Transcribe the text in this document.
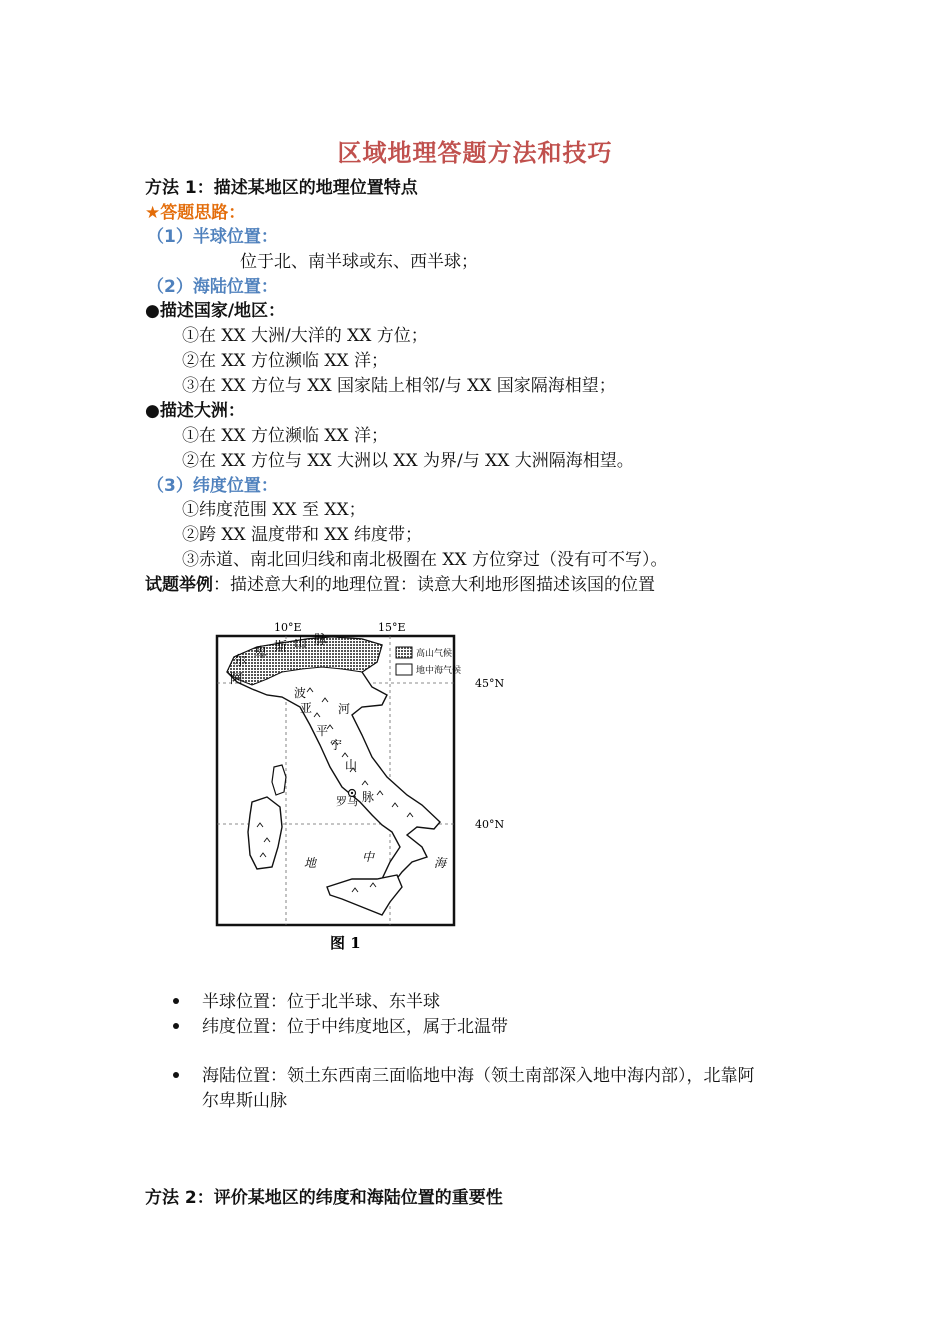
区域地理答题方法和技巧
方法 1：描述某地区的地理位置特点
★答题思路：
（1）半球位置：
位于北、南半球或东、西半球；
（2）海陆位置：
●描述国家/地区：
①在 XX 大洲/大洋的 XX 方位；
②在 XX 方位濒临 XX 洋；
③在 XX 方位与 XX 国家陆上相邻/与 XX 国家隔海相望；
●描述大洲：
①在 XX 方位濒临 XX 洋；
②在 XX 方位与 XX 大洲以 XX 为界/与 XX 大洲隔海相望。
（3）纬度位置：
①纬度范围 XX 至 XX；
②跨 XX 温度带和 XX 纬度带；
③赤道、南北回归线和南北极圈在 XX 方位穿过（没有可不写）。
试题举例：描述意大利的地理位置：读意大利地形图描述该国的位置
高山气候
地中海气候
10°E	15°E
45°N
40°N
尔
卑 斯 山 脉
阿
波
河
亚
平
宁
山
脉
罗马
地	中	海
图 1
半球位置：位于北半球、东半球
纬度位置：位于中纬度地区，属于北温带
海陆位置：领土东西南三面临地中海（领土南部深入地中海内部），北靠阿
尔卑斯山脉
方法 2：评价某地区的纬度和海陆位置的重要性
